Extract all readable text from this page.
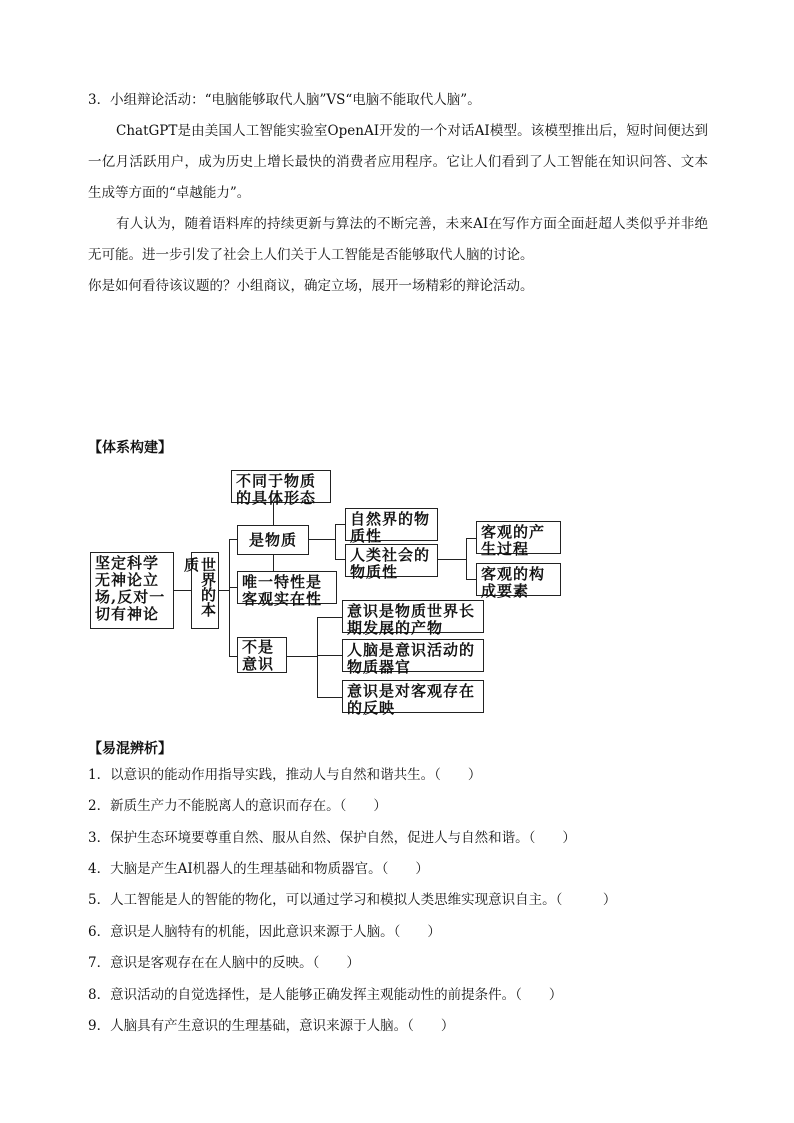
3．小组辩论活动：“电脑能够取代人脑”VS“电脑不能取代人脑”。
ChatGPT是由美国人工智能实验室OpenAI开发的一个对话AI模型。该模型推出后，短时间便达到一亿月活跃用户，成为历史上增长最快的消费者应用程序。它让人们看到了人工智能在知识问答、文本生成等方面的“卓越能力”。
有人认为，随着语料库的持续更新与算法的不断完善，未来AI在写作方面全面赶超人类似乎并非绝无可能。进一步引发了社会上人们关于人工智能是否能够取代人脑的讨论。
你是如何看待该议题的？小组商议，确定立场，展开一场精彩的辩论活动。
【体系构建】
坚定科学无神论立场,反对一切有神论	世界的本质
不同于物质的具体形态
是物质
自然界的物质性
人类社会的物质性
客观的产生过程
客观的构成要素
唯一特性是客观实在性
不是意识
意识是物质世界长期发展的产物
人脑是意识活动的物质器官
意识是对客观存在的反映
【易混辨析】
1．以意识的能动作用指导实践，推动人与自然和谐共生。（　　）
2．新质生产力不能脱离人的意识而存在。（　　）
3．保护生态环境要尊重自然、服从自然、保护自然，促进人与自然和谐。（　　）
4．大脑是产生AI机器人的生理基础和物质器官。（　　）
5．人工智能是人的智能的物化，可以通过学习和模拟人类思维实现意识自主。（　　　）
6．意识是人脑特有的机能，因此意识来源于人脑。（　　）
7．意识是客观存在在人脑中的反映。（　　）
8．意识活动的自觉选择性，是人能够正确发挥主观能动性的前提条件。（　　）
9．人脑具有产生意识的生理基础，意识来源于人脑。（　　）
